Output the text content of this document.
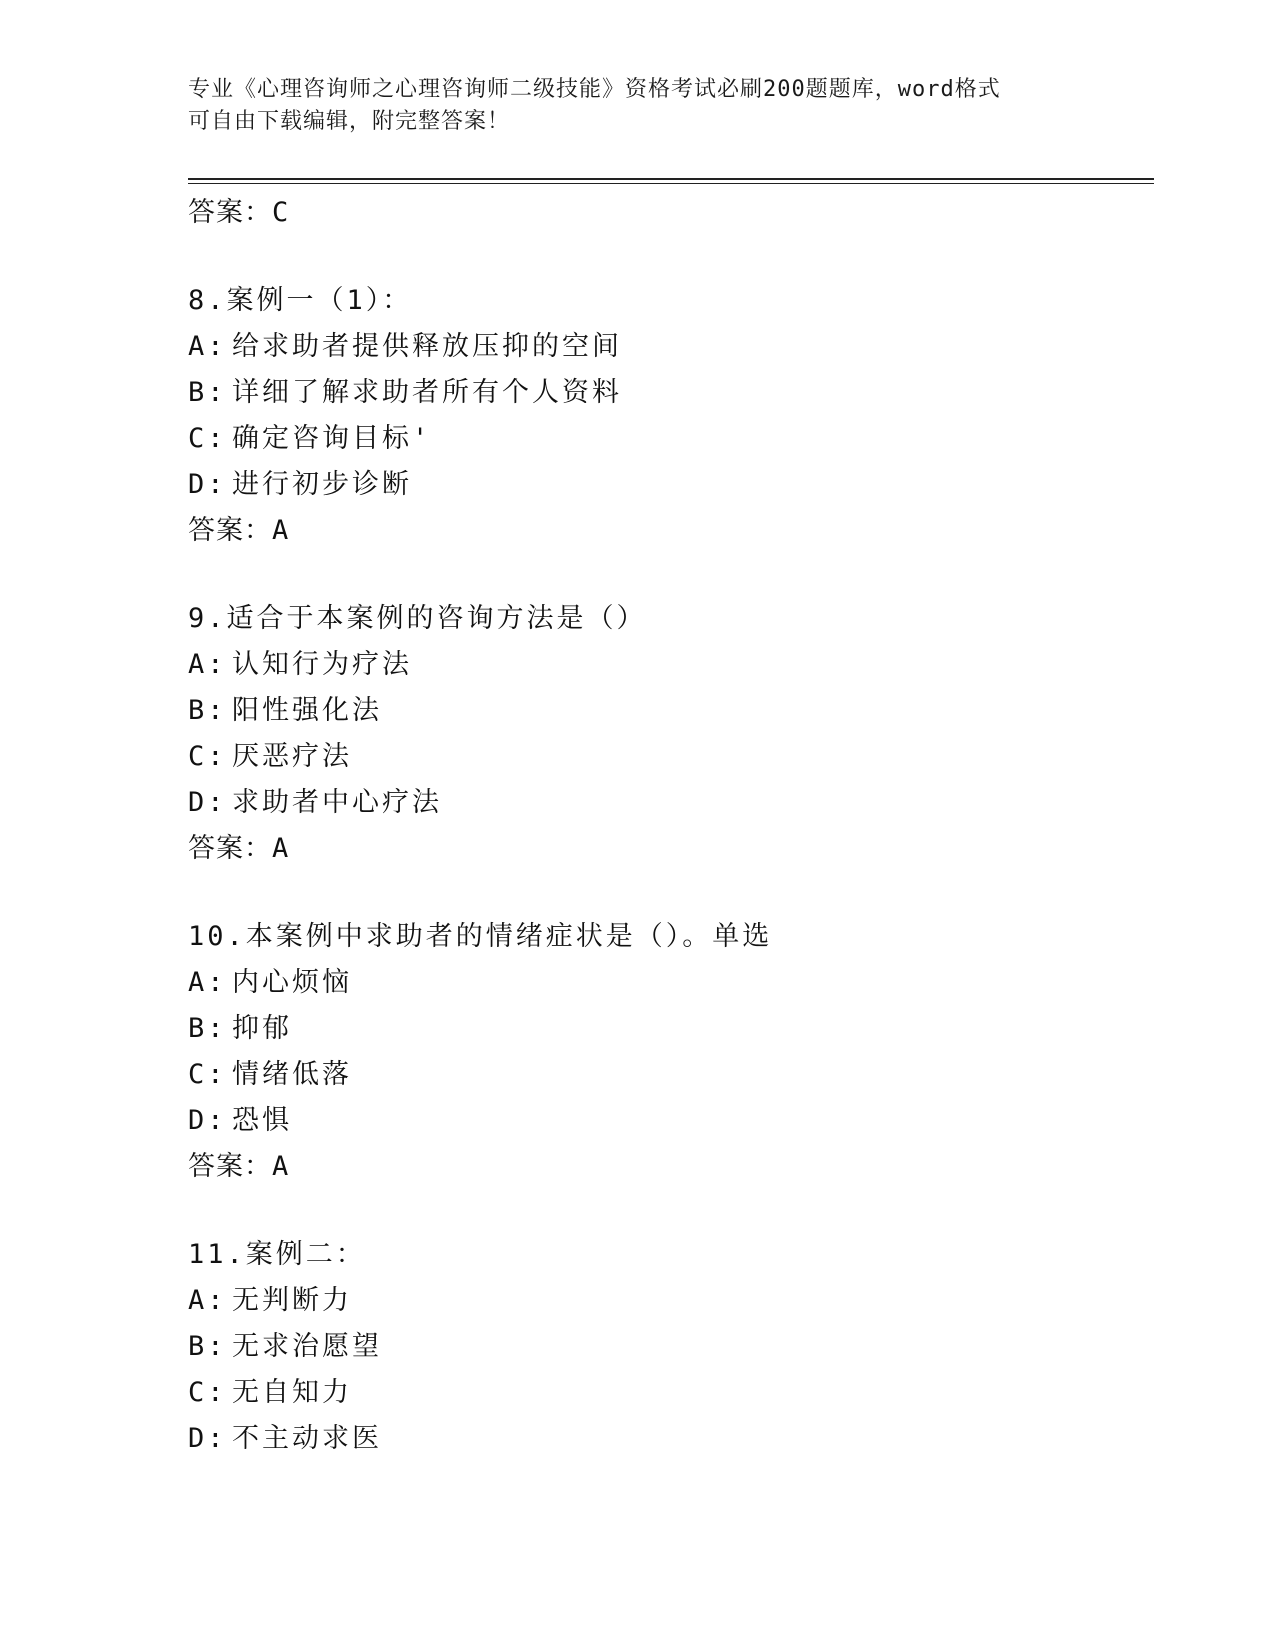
专业《心理咨询师之心理咨询师二级技能》资格考试必刷200题题库，word格式

可自由下载编辑，附完整答案！

答案：C
8.案例一（1）：
A: 给求助者提供释放压抑的空间
B: 详细了解求助者所有个人资料
C: 确定咨询目标'
D: 进行初步诊断
答案：A
9.适合于本案例的咨询方法是（）
A: 认知行为疗法
B: 阳性强化法
C: 厌恶疗法
D: 求助者中心疗法
答案：A
10.本案例中求助者的情绪症状是（）。单选
A: 内心烦恼
B: 抑郁
C: 情绪低落
D: 恐惧
答案：A
11.案例二：
A: 无判断力
B: 无求治愿望
C: 无自知力
D: 不主动求医
